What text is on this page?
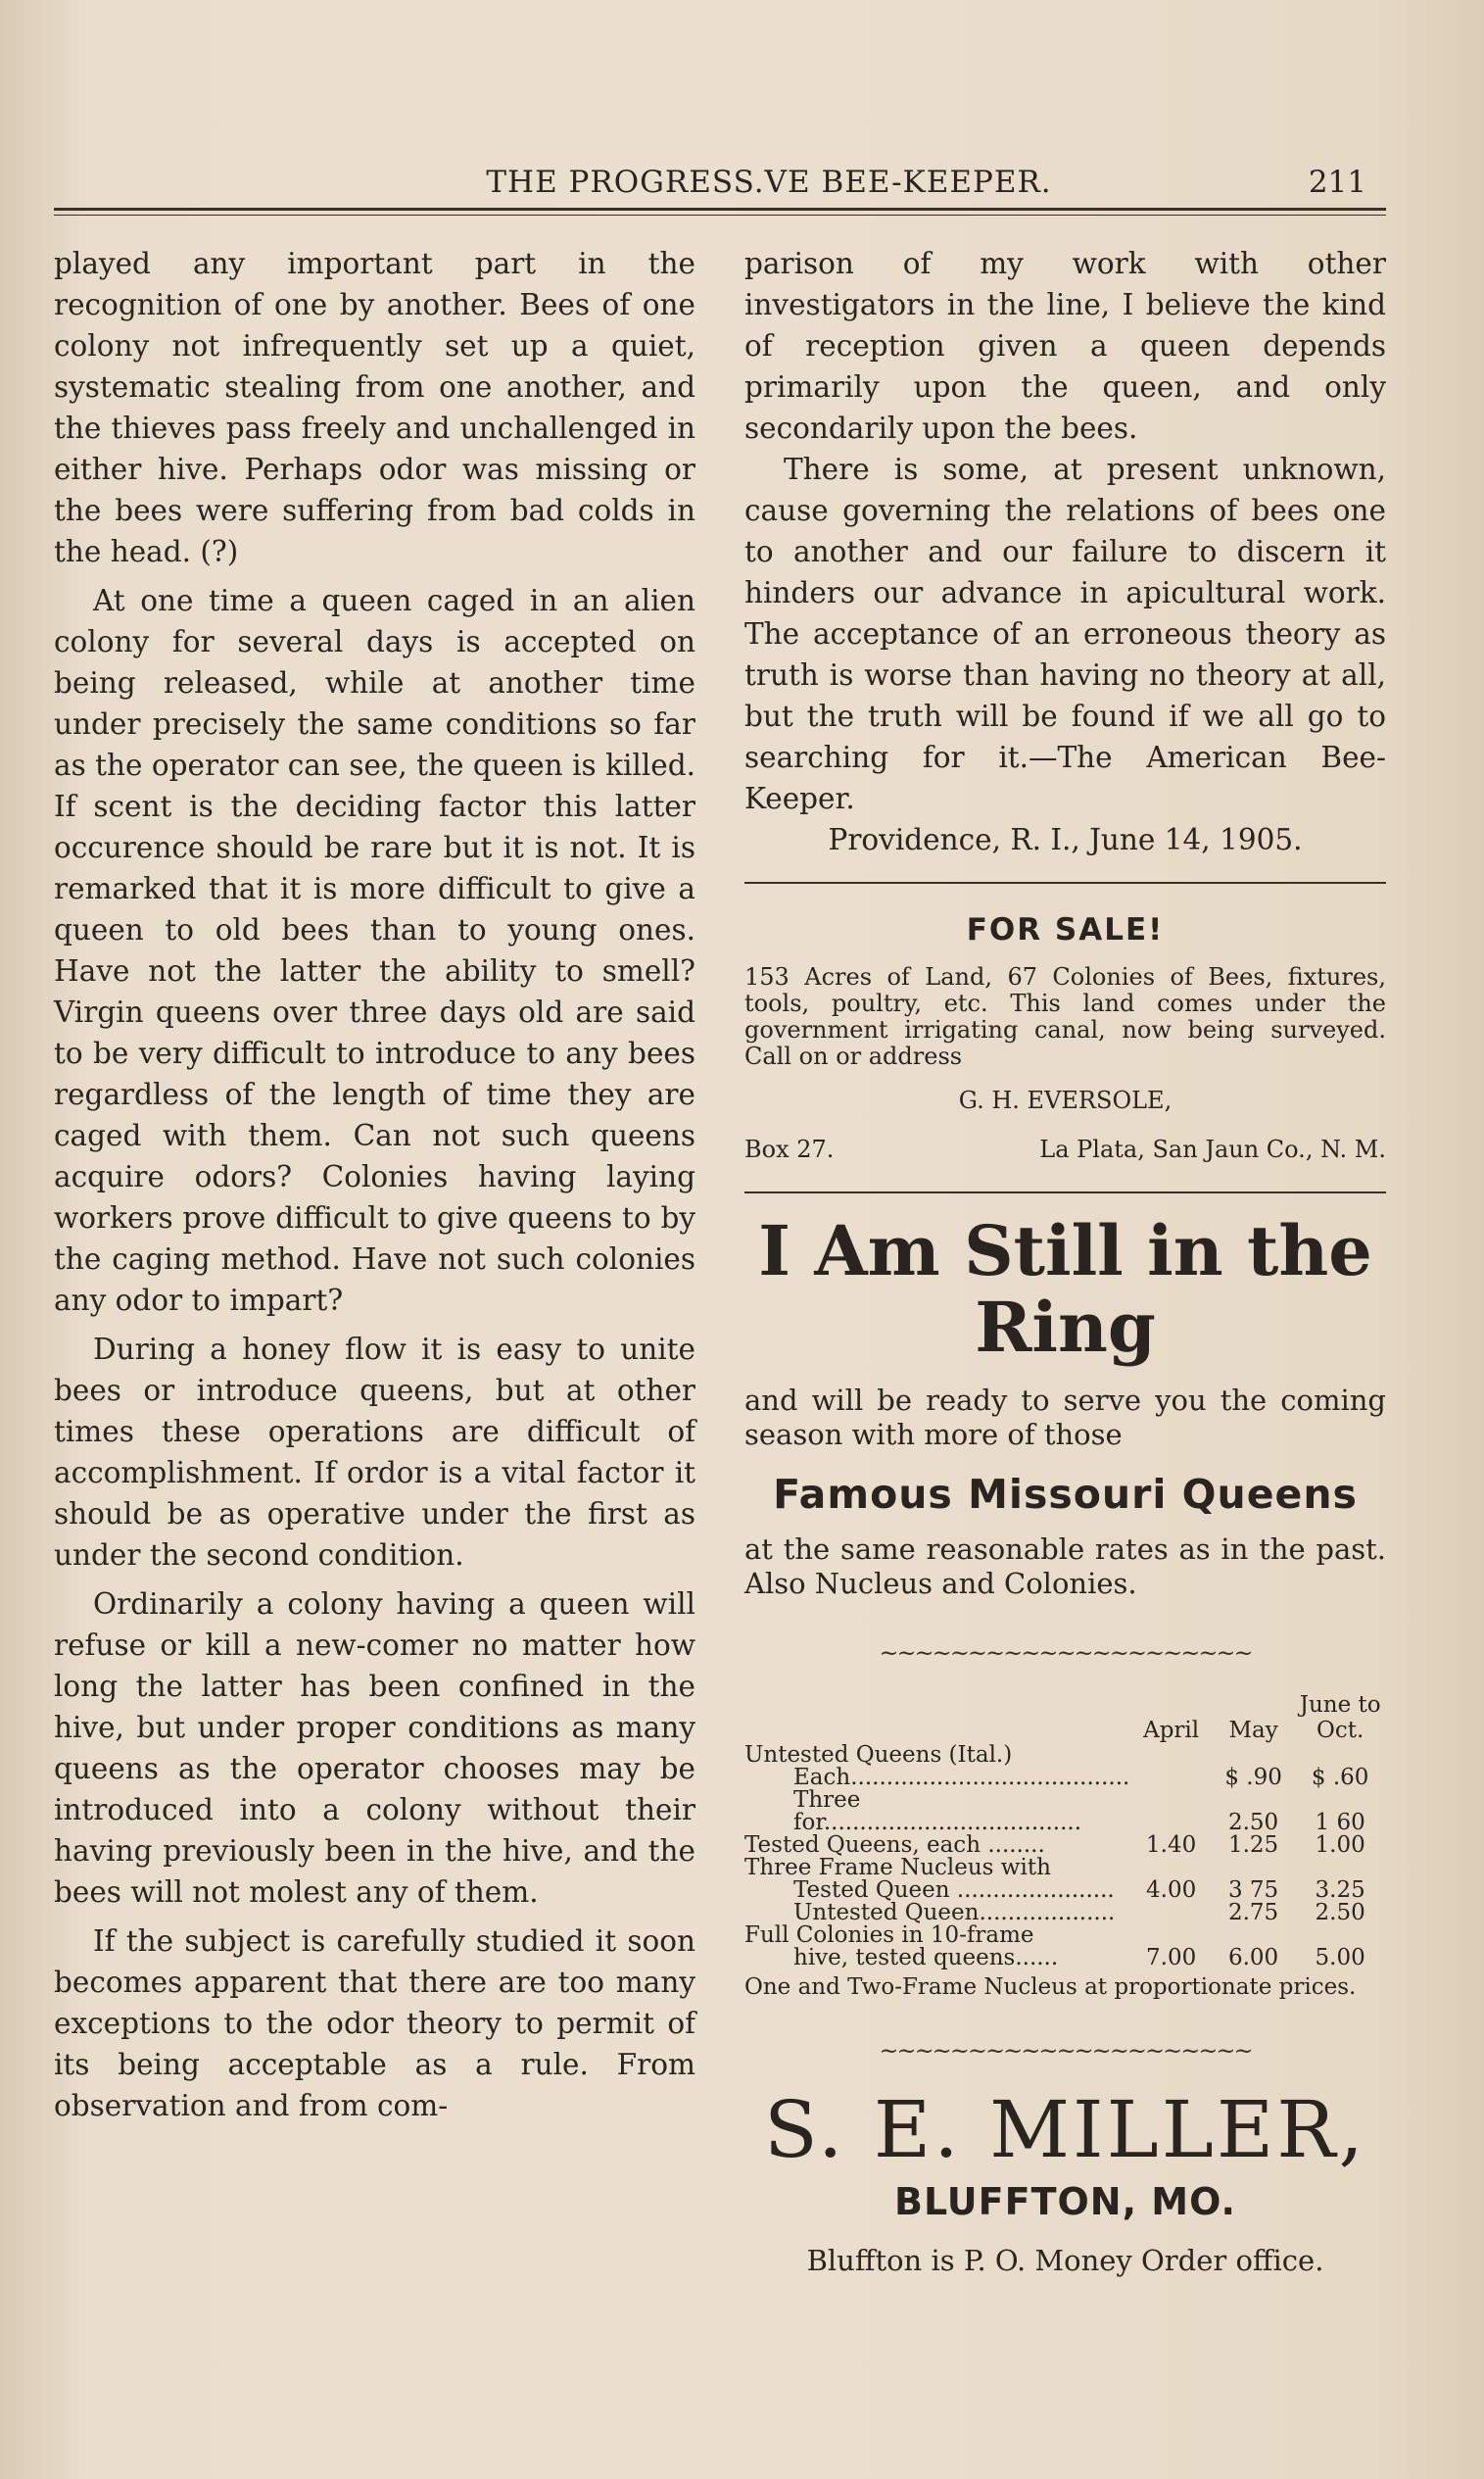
THE PROGRESS.VE BEE-KEEPER.	211

played any important part in the recognition of one by another. Bees of one colony not infrequently set up a quiet, systematic stealing from one another, and the thieves pass freely and unchallenged in either hive. Perhaps odor was missing or the bees were suffering from bad colds in the head. (?)

At one time a queen caged in an alien colony for several days is accepted on being released, while at another time under precisely the same conditions so far as the operator can see, the queen is killed. If scent is the deciding factor this latter occurence should be rare but it is not. It is remarked that it is more difficult to give a queen to old bees than to young ones. Have not the latter the ability to smell? Virgin queens over three days old are said to be very difficult to introduce to any bees regardless of the length of time they are caged with them. Can not such queens acquire odors? Colonies having laying workers prove difficult to give queens to by the caging method. Have not such colonies any odor to impart?

During a honey flow it is easy to unite bees or introduce queens, but at other times these operations are difficult of accomplishment. If ordor is a vital factor it should be as operative under the first as under the second condition.

Ordinarily a colony having a queen will refuse or kill a new-comer no matter how long the latter has been confined in the hive, but under proper conditions as many queens as the operator chooses may be introduced into a colony without their having previously been in the hive, and the bees will not molest any of them.

If the subject is carefully studied it soon becomes apparent that there are too many exceptions to the odor theory to permit of its being acceptable as a rule. From observation and from com-

parison of my work with other investigators in the line, I believe the kind of reception given a queen depends primarily upon the queen, and only secondarily upon the bees.

There is some, at present unknown, cause governing the relations of bees one to another and our failure to discern it hinders our advance in apicultural work. The acceptance of an erroneous theory as truth is worse than having no theory at all, but the truth will be found if we all go to searching for it.—The American Bee-Keeper.

Providence, R. I., June 14, 1905.

FOR SALE!
153 Acres of Land, 67 Colonies of Bees, fixtures, tools, poultry, etc. This land comes under the government irrigating canal, now being surveyed. Call on or address
G. H. EVERSOLE,
Box 27.	La Plata, San Jaun Co., N. M.
I Am Still in the Ring
and will be ready to serve you the coming season with more of those
Famous Missouri Queens
at the same reasonable rates as in the past. Also Nucleus and Colonies.
~~~~~~~~~~~~~~~~~~~~~
	April	May	June to Oct.
Untested Queens (Ital.)			
Each.......................................		$ .90	$ .60
Three for....................................		2.50	1 60
Tested Queens, each ........	1.40	1.25	1.00
Three Frame Nucleus with			
Tested Queen ......................	4.00	3 75	3.25
Untested Queen...................		2.75	2.50
Full Colonies in 10-frame			
hive, tested queens......	7.00	6.00	5.00
One and Two-Frame Nucleus at proportionate prices.
~~~~~~~~~~~~~~~~~~~~~
S. E. MILLER,
BLUFFTON, MO.
Bluffton is P. O. Money Order office.
